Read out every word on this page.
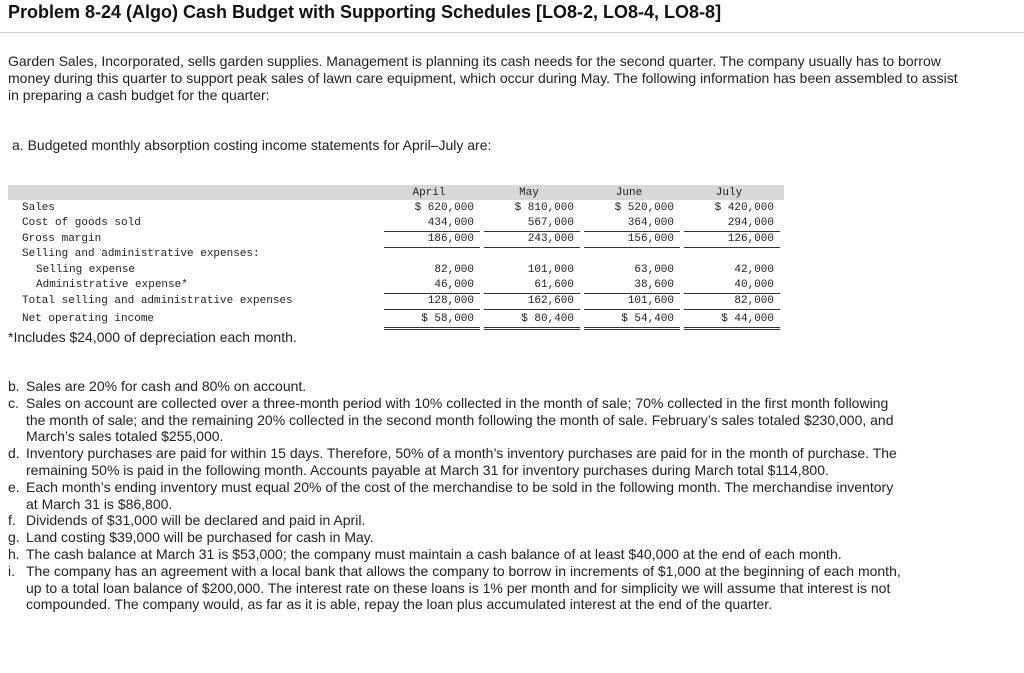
Problem 8-24 (Algo) Cash Budget with Supporting Schedules [LO8-2, LO8-4, LO8-8]

Garden Sales, Incorporated, sells garden supplies. Management is planning its cash needs for the second quarter. The company usually has to borrow money during this quarter to support peak sales of lawn care equipment, which occur during May. The following information has been assembled to assist in preparing a cash budget for the quarter:

a. Budgeted monthly absorption costing income statements for April–July are:

April	May	June	July
Sales	$ 620,000	$ 810,000	$ 520,000	$ 420,000
Cost of goods sold	434,000	567,000	364,000	294,000
Gross margin	186,000	243,000	156,000	126,000
Selling and administrative expenses:
Selling expense	82,000	101,000	63,000	42,000
Administrative expense*	46,000	61,600	38,600	40,000
Total selling and administrative expenses	128,000	162,600	101,600	82,000
Net operating income	$ 58,000	$ 80,400	$ 54,400	$ 44,000

*Includes $24,000 of depreciation each month.

b. Sales are 20% for cash and 80% on account.
c. Sales on account are collected over a three-month period with 10% collected in the month of sale; 70% collected in the first month following the month of sale; and the remaining 20% collected in the second month following the month of sale. February’s sales totaled $230,000, and March’s sales totaled $255,000.
d. Inventory purchases are paid for within 15 days. Therefore, 50% of a month’s inventory purchases are paid for in the month of purchase. The remaining 50% is paid in the following month. Accounts payable at March 31 for inventory purchases during March total $114,800.
e. Each month’s ending inventory must equal 20% of the cost of the merchandise to be sold in the following month. The merchandise inventory at March 31 is $86,800.
f. Dividends of $31,000 will be declared and paid in April.
g. Land costing $39,000 will be purchased for cash in May.
h. The cash balance at March 31 is $53,000; the company must maintain a cash balance of at least $40,000 at the end of each month.
i. The company has an agreement with a local bank that allows the company to borrow in increments of $1,000 at the beginning of each month, up to a total loan balance of $200,000. The interest rate on these loans is 1% per month and for simplicity we will assume that interest is not compounded. The company would, as far as it is able, repay the loan plus accumulated interest at the end of the quarter.
